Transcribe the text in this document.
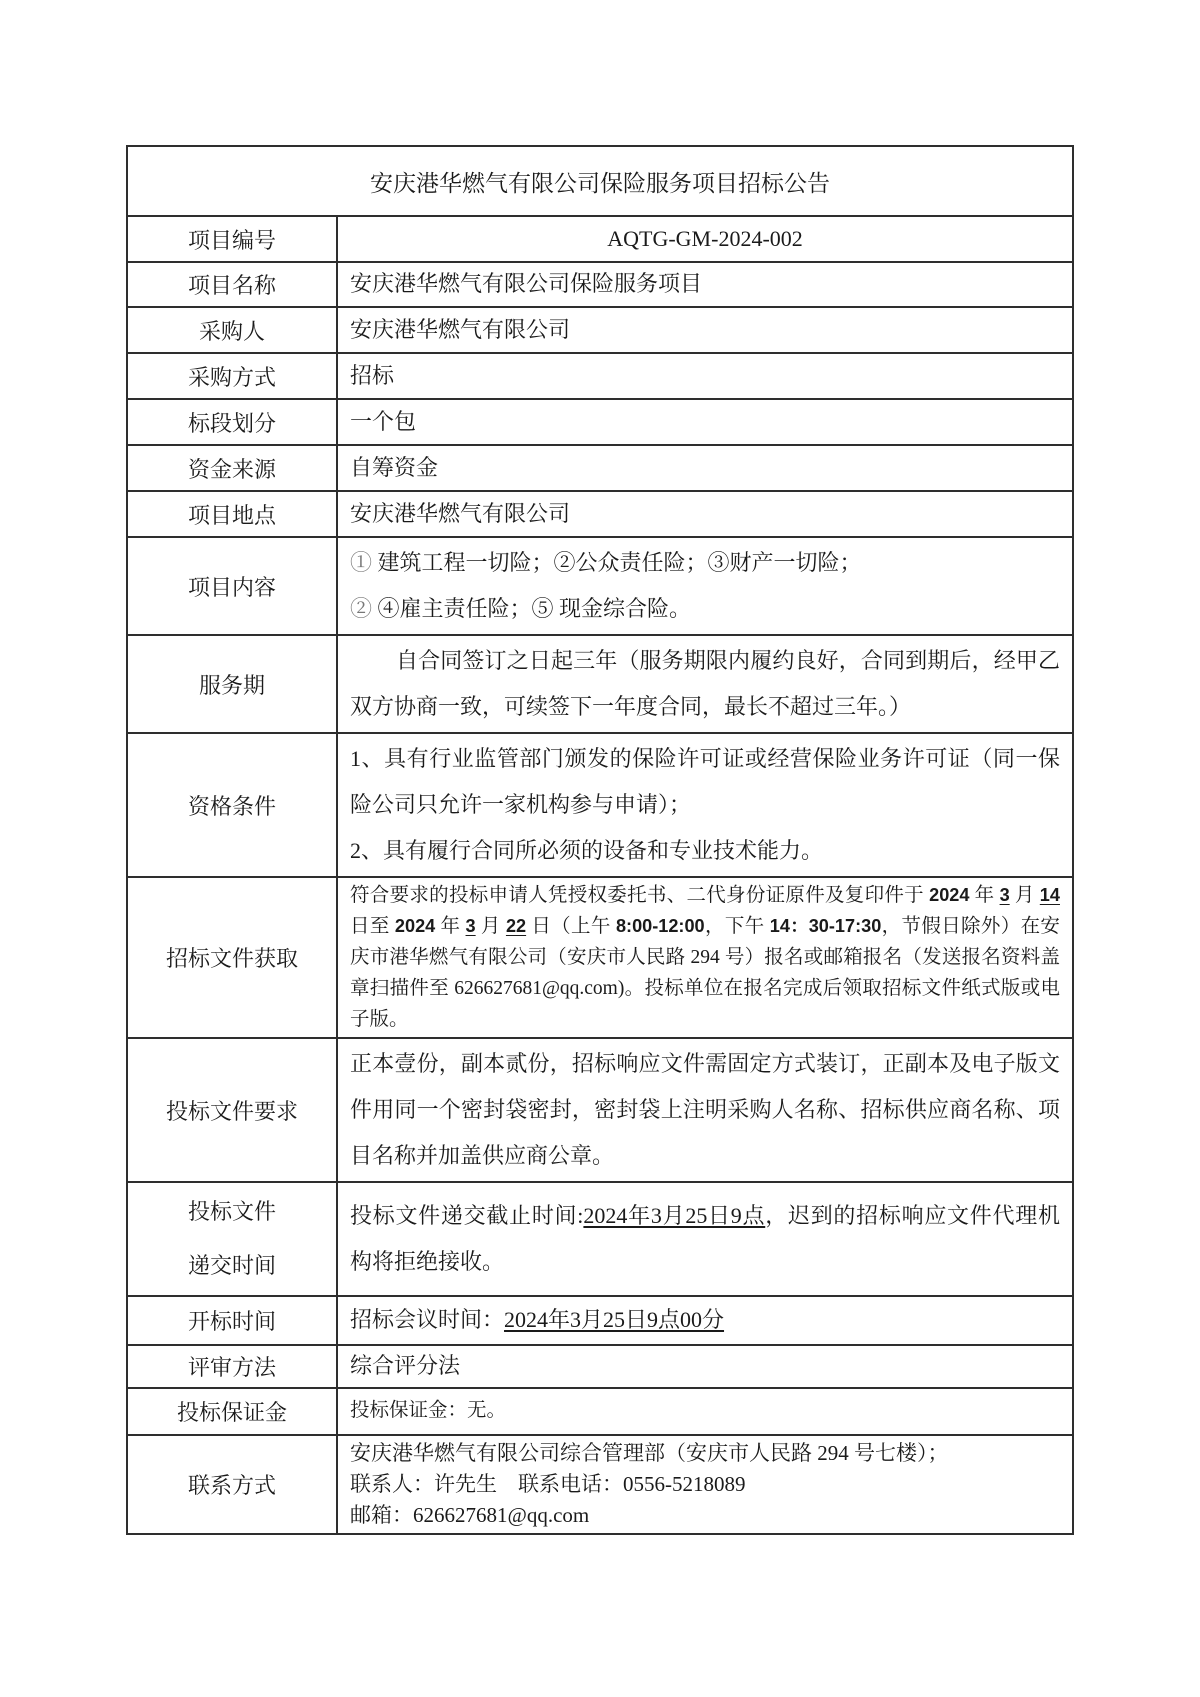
安庆港华燃气有限公司保险服务项目招标公告	

项目编号	AQTG-GM-2024-002

项目名称	安庆港华燃气有限公司保险服务项目

采购人	安庆港华燃气有限公司

采购方式	招标

标段划分	一个包

资金来源	自筹资金

项目地点	安庆港华燃气有限公司

项目内容	① 建筑工程一切险；②公众责任险；③财产一切险；

② ④雇主责任险；⑤ 现金综合险。

服务期	自合同签订之日起三年（服务期限内履约良好，合同到期后，经甲乙双方协商一致，可续签下一年度合同，最长不超过三年。）

资格条件	1、具有行业监管部门颁发的保险许可证或经营保险业务许可证（同一保险公司只允许一家机构参与申请）；

2、具有履行合同所必须的设备和专业技术能力。

招标文件获取	符合要求的投标申请人凭授权委托书、二代身份证原件及复印件于 2024 年 3 月 14 日至 2024 年 3 月 22 日（上午 8:00-12:00，下午 14：30-17:30，节假日除外）在安庆市港华燃气有限公司（安庆市人民路 294 号）报名或邮箱报名（发送报名资料盖章扫描件至 626627681@qq.com)。投标单位在报名完成后领取招标文件纸式版或电子版。

投标文件要求	正本壹份，副本贰份，招标响应文件需固定方式装订，正副本及电子版文件用同一个密封袋密封，密封袋上注明采购人名称、招标供应商名称、项目名称并加盖供应商公章。

投标文件
递交时间	投标文件递交截止时间:2024年3月25日9点，迟到的招标响应文件代理机构将拒绝接收。

开标时间	招标会议时间：2024年3月25日9点00分

评审方法	综合评分法

投标保证金	投标保证金：无。

联系方式	安庆港华燃气有限公司综合管理部（安庆市人民路 294 号七楼）；

联系人：许先生　联系电话：0556-5218089

邮箱：626627681@qq.com
